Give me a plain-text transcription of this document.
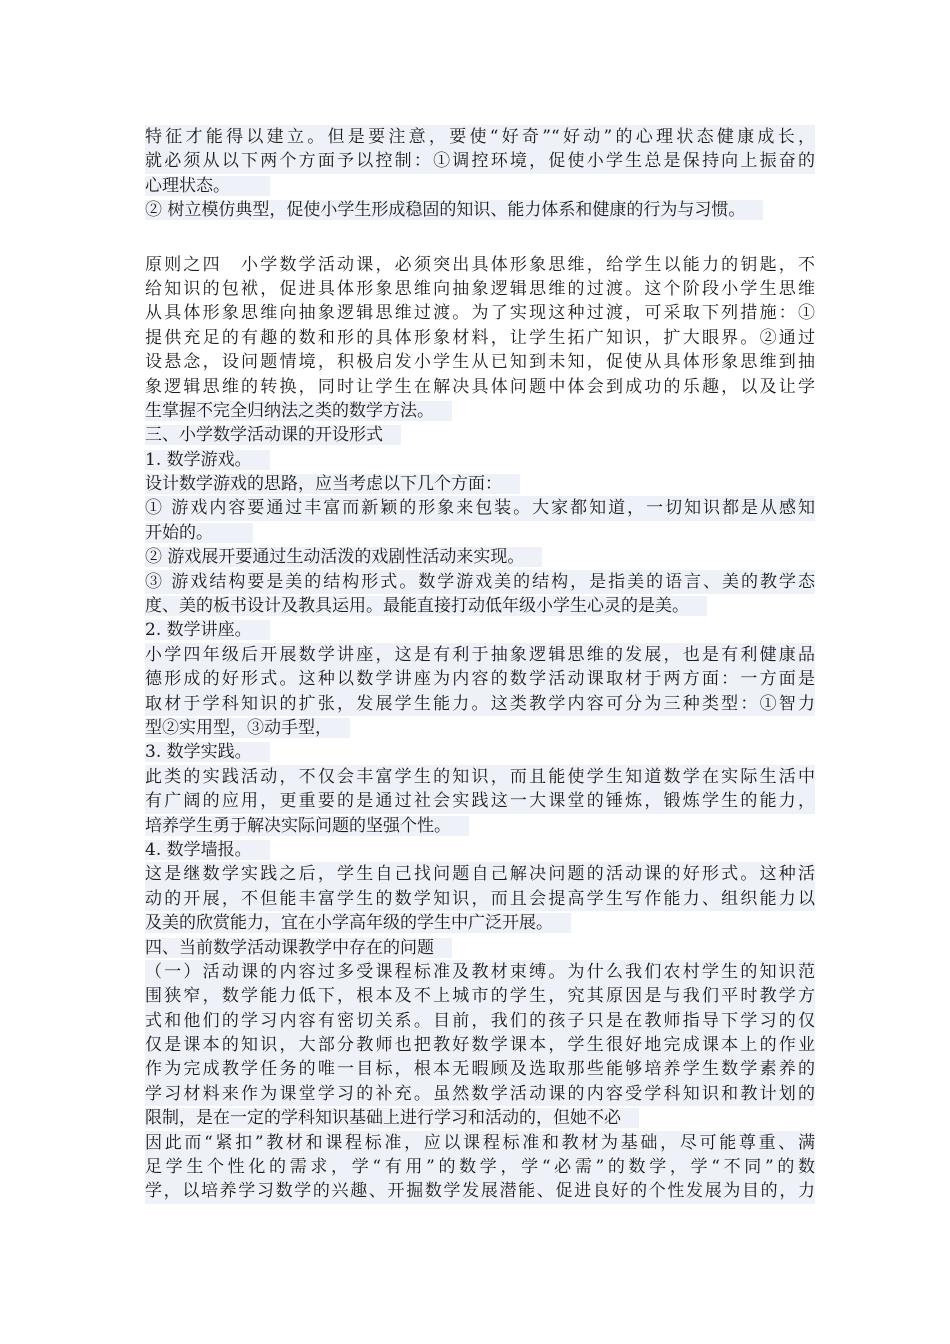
特征才能得以建立。但是要注意，要使“好奇”“好动”的心理状态健康成长，
就必须从以下两个方面予以控制：①调控环境，促使小学生总是保持向上振奋的
心理状态。
② 树立模仿典型，促使小学生形成稳固的知识、能力体系和健康的行为与习惯。
原则之四　小学数学活动课，必须突出具体形象思维，给学生以能力的钥匙，不
给知识的包袱，促进具体形象思维向抽象逻辑思维的过渡。这个阶段小学生思维
从具体形象思维向抽象逻辑思维过渡。为了实现这种过渡，可采取下列措施：①
提供充足的有趣的数和形的具体形象材料，让学生拓广知识，扩大眼界。②通过
设悬念，设问题情境，积极启发小学生从已知到未知，促使从具体形象思维到抽
象逻辑思维的转换，同时让学生在解决具体问题中体会到成功的乐趣，以及让学
生掌握不完全归纳法之类的数学方法。
三、小学数学活动课的开设形式
1. 数学游戏。
设计数学游戏的思路，应当考虑以下几个方面：
① 游戏内容要通过丰富而新颖的形象来包装。大家都知道，一切知识都是从感知
开始的。
② 游戏展开要通过生动活泼的戏剧性活动来实现。
③ 游戏结构要是美的结构形式。数学游戏美的结构，是指美的语言、美的教学态
度、美的板书设计及教具运用。最能直接打动低年级小学生心灵的是美。
2. 数学讲座。
小学四年级后开展数学讲座，这是有利于抽象逻辑思维的发展，也是有利健康品
德形成的好形式。这种以数学讲座为内容的数学活动课取材于两方面：一方面是
取材于学科知识的扩张，发展学生能力。这类教学内容可分为三种类型：①智力
型②实用型，③动手型，
3. 数学实践。
此类的实践活动，不仅会丰富学生的知识，而且能使学生知道数学在实际生活中
有广阔的应用，更重要的是通过社会实践这一大课堂的锤炼，锻炼学生的能力，
培养学生勇于解决实际问题的坚强个性。
4. 数学墙报。
这是继数学实践之后，学生自己找问题自己解决问题的活动课的好形式。这种活
动的开展，不但能丰富学生的数学知识，而且会提高学生写作能力、组织能力以
及美的欣赏能力，宜在小学高年级的学生中广泛开展。
四、当前数学活动课教学中存在的问题
（一）活动课的内容过多受课程标准及教材束缚。为什么我们农村学生的知识范
围狭窄，数学能力低下，根本及不上城市的学生，究其原因是与我们平时教学方
式和他们的学习内容有密切关系。目前，我们的孩子只是在教师指导下学习的仅
仅是课本的知识，大部分教师也把教好数学课本，学生很好地完成课本上的作业
作为完成教学任务的唯一目标，根本无暇顾及选取那些能够培养学生数学素养的
学习材料来作为课堂学习的补充。虽然数学活动课的内容受学科知识和教计划的
限制，是在一定的学科知识基础上进行学习和活动的，但她不必
因此而“紧扣”教材和课程标准，应以课程标准和教材为基础，尽可能尊重、满
足学生个性化的需求，学“有用”的数学，学“必需”的数学，学“不同”的数
学，以培养学习数学的兴趣、开掘数学发展潜能、促进良好的个性发展为目的，力
